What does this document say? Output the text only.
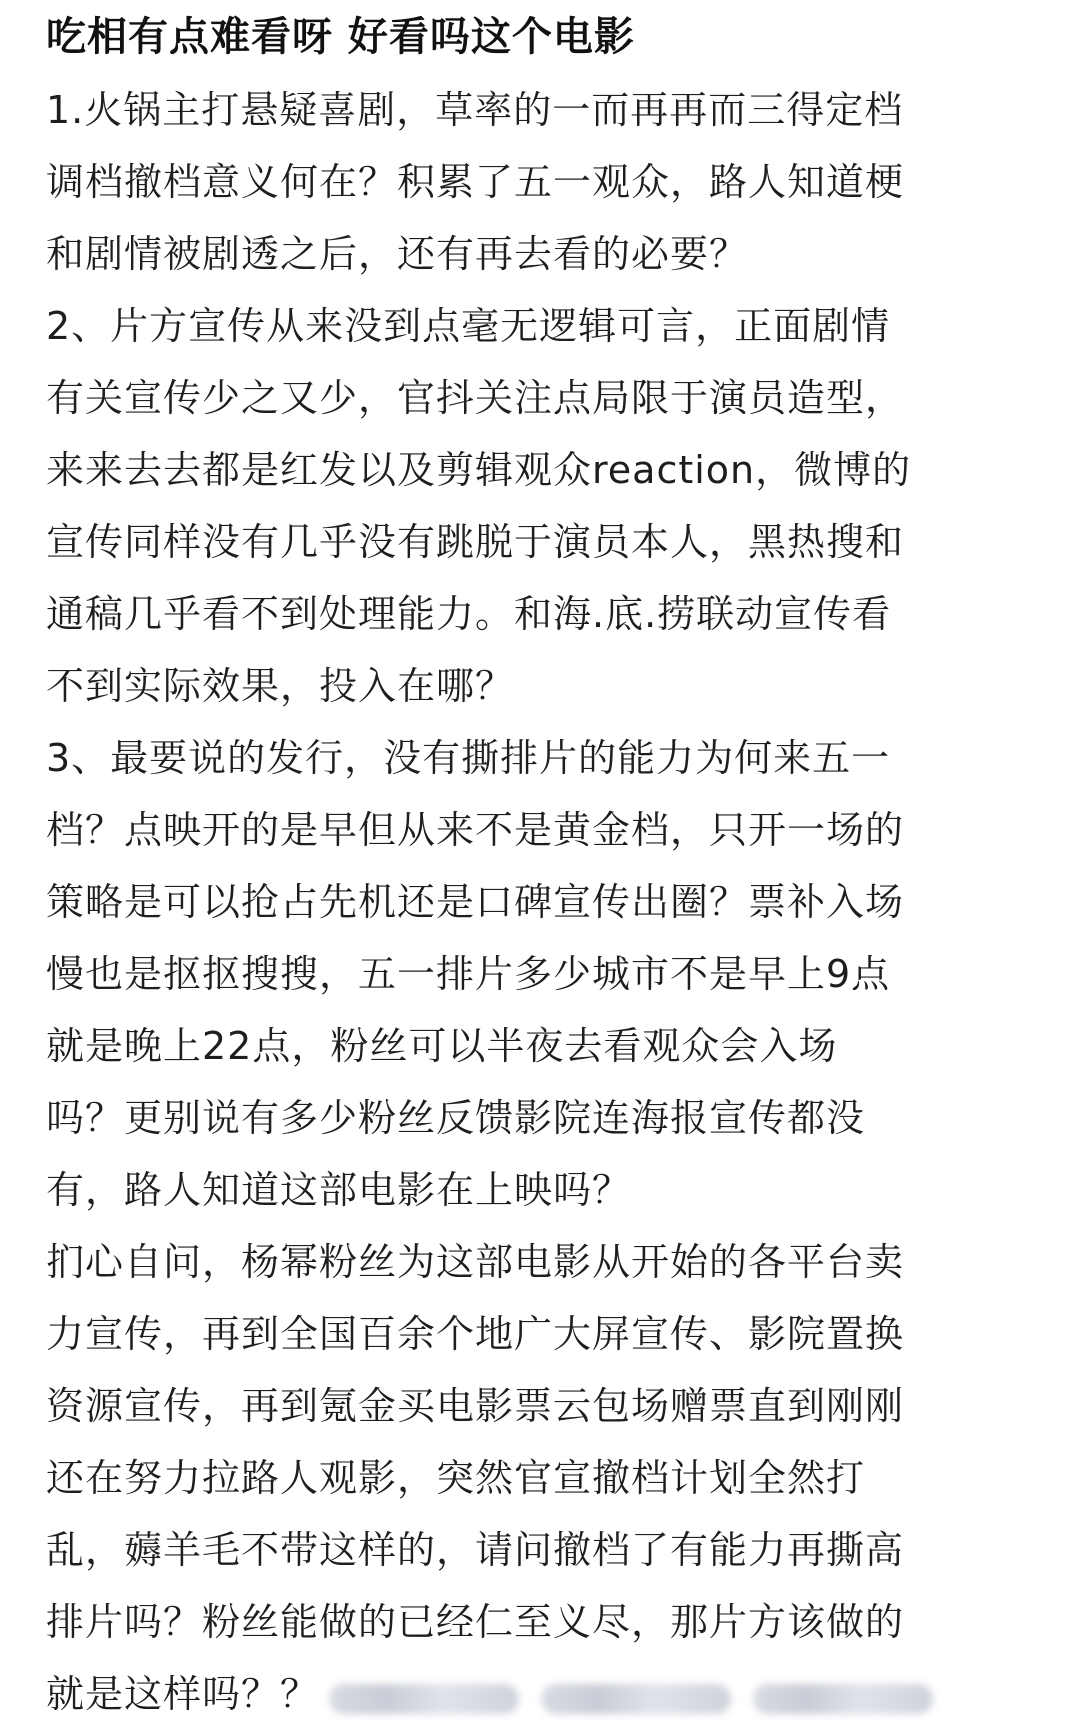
吃相有点难看呀 好看吗这个电影
1.火锅主打悬疑喜剧，草率的一而再再而三得定档
调档撤档意义何在？积累了五一观众，路人知道梗
和剧情被剧透之后，还有再去看的必要？
2、片方宣传从来没到点毫无逻辑可言，正面剧情
有关宣传少之又少，官抖关注点局限于演员造型，
来来去去都是红发以及剪辑观众reaction，微博的
宣传同样没有几乎没有跳脱于演员本人，黑热搜和
通稿几乎看不到处理能力。和海.底.捞联动宣传看
不到实际效果，投入在哪？
3、最要说的发行，没有撕排片的能力为何来五一
档？点映开的是早但从来不是黄金档，只开一场的
策略是可以抢占先机还是口碑宣传出圈？票补入场
慢也是抠抠搜搜，五一排片多少城市不是早上9点
就是晚上22点，粉丝可以半夜去看观众会入场
吗？更别说有多少粉丝反馈影院连海报宣传都没
有，路人知道这部电影在上映吗？
扪心自问，杨幂粉丝为这部电影从开始的各平台卖
力宣传，再到全国百余个地广大屏宣传、影院置换
资源宣传，再到氪金买电影票云包场赠票直到刚刚
还在努力拉路人观影，突然官宣撤档计划全然打
乱，薅羊毛不带这样的，请问撤档了有能力再撕高
排片吗？粉丝能做的已经仁至义尽，那片方该做的
就是这样吗？？
